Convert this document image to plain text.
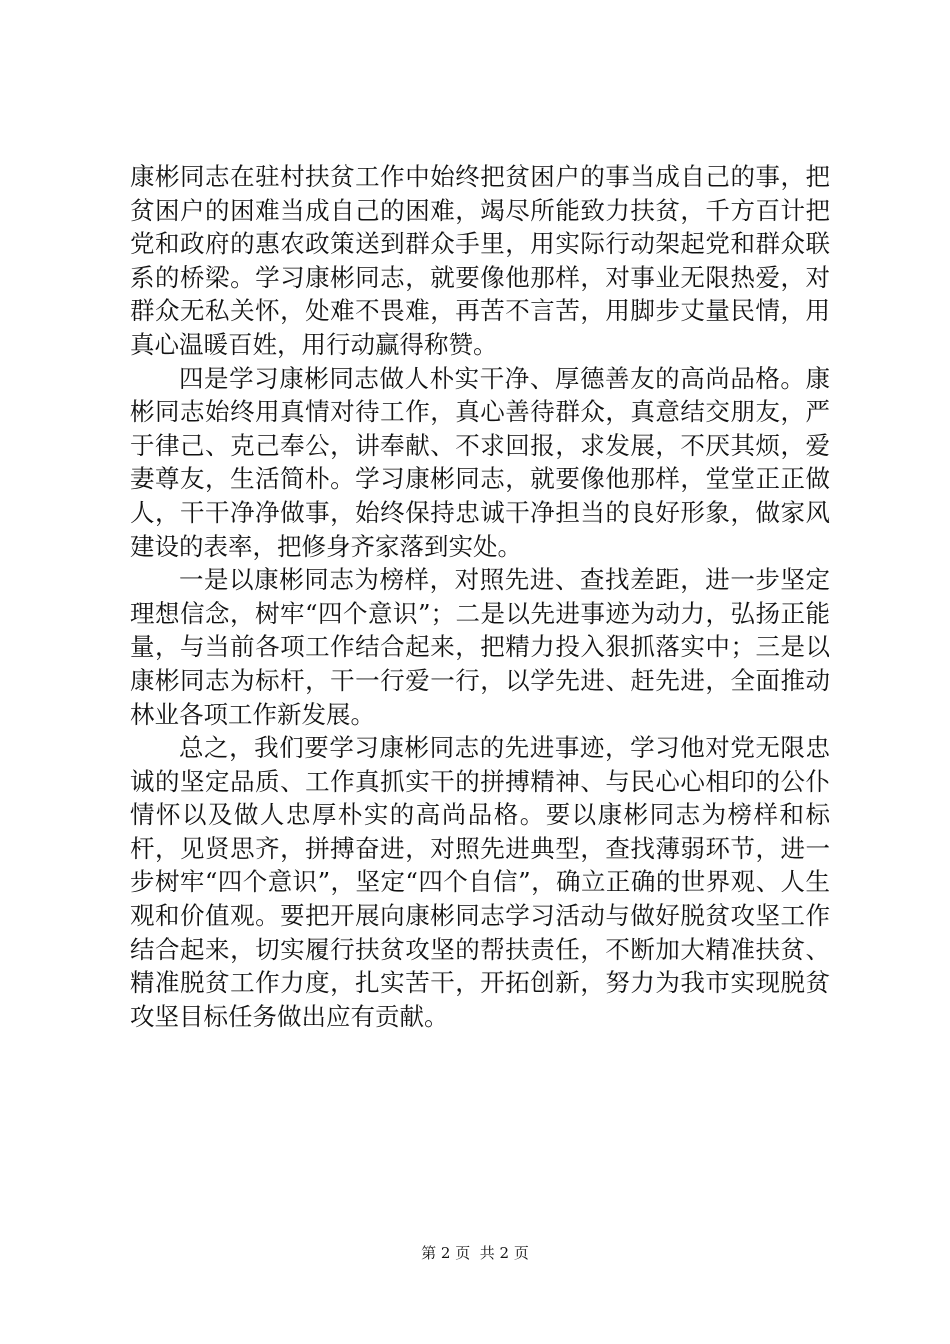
康彬同志在驻村扶贫工作中始终把贫困户的事当成自己的事，把贫困户的困难当成自己的困难，竭尽所能致力扶贫，千方百计把党和政府的惠农政策送到群众手里，用实际行动架起党和群众联系的桥梁。学习康彬同志，就要像他那样，对事业无限热爱，对群众无私关怀，处难不畏难，再苦不言苦，用脚步丈量民情，用真心温暖百姓，用行动赢得称赞。

四是学习康彬同志做人朴实干净、厚德善友的高尚品格。康彬同志始终用真情对待工作，真心善待群众，真意结交朋友，严于律己、克己奉公，讲奉献、不求回报，求发展，不厌其烦，爱妻尊友，生活简朴。学习康彬同志，就要像他那样，堂堂正正做人，干干净净做事，始终保持忠诚干净担当的良好形象，做家风建设的表率，把修身齐家落到实处。

一是以康彬同志为榜样，对照先进、查找差距，进一步坚定理想信念，树牢“四个意识”；二是以先进事迹为动力，弘扬正能量，与当前各项工作结合起来，把精力投入狠抓落实中；三是以康彬同志为标杆，干一行爱一行，以学先进、赶先进，全面推动林业各项工作新发展。

总之，我们要学习康彬同志的先进事迹，学习他对党无限忠诚的坚定品质、工作真抓实干的拼搏精神、与民心心相印的公仆情怀以及做人忠厚朴实的高尚品格。要以康彬同志为榜样和标杆，见贤思齐，拼搏奋进，对照先进典型，查找薄弱环节，进一步树牢“四个意识”，坚定“四个自信”，确立正确的世界观、人生观和价值观。要把开展向康彬同志学习活动与做好脱贫攻坚工作结合起来，切实履行扶贫攻坚的帮扶责任，不断加大精准扶贫、精准脱贫工作力度，扎实苦干，开拓创新，努力为我市实现脱贫攻坚目标任务做出应有贡献。

第 2 页  共 2 页
